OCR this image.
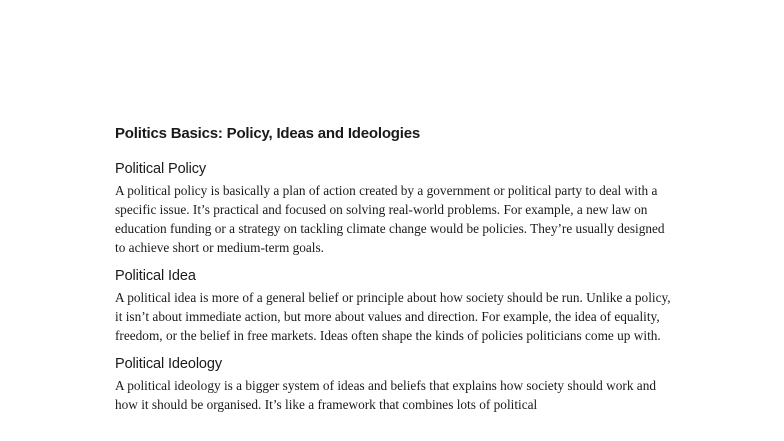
Politics Basics: Policy, Ideas and Ideologies
Political Policy
A political policy is basically a plan of action created by a government or political party to deal with a specific issue. It’s practical and focused on solving real-world problems. For example, a new law on education funding or a strategy on tackling climate change would be policies. They’re usually designed to achieve short or medium-term goals.
Political Idea
A political idea is more of a general belief or principle about how society should be run. Unlike a policy, it isn’t about immediate action, but more about values and direction. For example, the idea of equality, freedom, or the belief in free markets. Ideas often shape the kinds of policies politicians come up with.
Political Ideology
A political ideology is a bigger system of ideas and beliefs that explains how society should work and how it should be organised. It’s like a framework that combines lots of political
